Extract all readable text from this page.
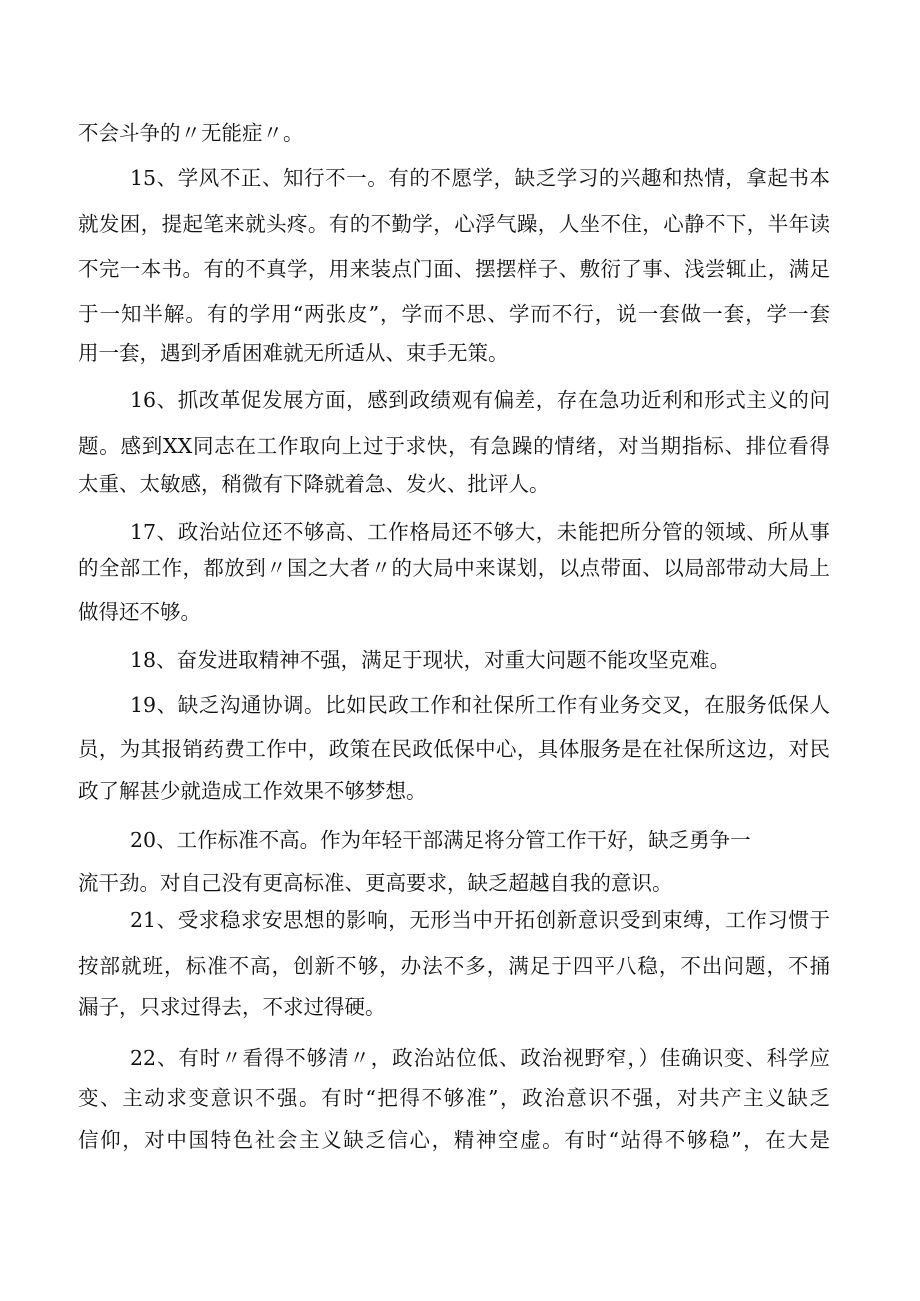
不会斗争的〃无能症〃。

15、学风不正、知行不一。有的不愿学，缺乏学习的兴趣和热情，拿起书本

就发困，提起笔来就头疼。有的不勤学，心浮气躁，人坐不住，心静不下，半年读

不完一本书。有的不真学，用来装点门面、摆摆样子、敷衍了事、浅尝辄止，满足

于一知半解。有的学用“两张皮”，学而不思、学而不行，说一套做一套，学一套

用一套，遇到矛盾困难就无所适从、束手无策。

16、抓改革促发展方面，感到政绩观有偏差，存在急功近利和形式主义的问

题。感到XX同志在工作取向上过于求快，有急躁的情绪，对当期指标、排位看得

太重、太敏感，稍微有下降就着急、发火、批评人。

17、政治站位还不够高、工作格局还不够大，未能把所分管的领域、所从事

的全部工作，都放到〃国之大者〃的大局中来谋划，以点带面、以局部带动大局上

做得还不够。

18、奋发进取精神不强，满足于现状，对重大问题不能攻坚克难。

19、缺乏沟通协调。比如民政工作和社保所工作有业务交叉，在服务低保人

员，为其报销药费工作中，政策在民政低保中心，具体服务是在社保所这边，对民

政了解甚少就造成工作效果不够梦想。

20、工作标准不高。作为年轻干部满足将分管工作干好，缺乏勇争一

流干劲。对自己没有更高标准、更高要求，缺乏超越自我的意识。

21、受求稳求安思想的影响，无形当中开拓创新意识受到束缚，工作习惯于

按部就班，标准不高，创新不够，办法不多，满足于四平八稳，不出问题，不捅

漏子，只求过得去，不求过得硬。

22、有时〃看得不够清〃，政治站位低、政治视野窄，）佳确识变、科学应

变、主动求变意识不强。有时“把得不够准”，政治意识不强，对共产主义缺乏

信仰，对中国特色社会主义缺乏信心，精神空虚。有时“站得不够稳”，在大是
